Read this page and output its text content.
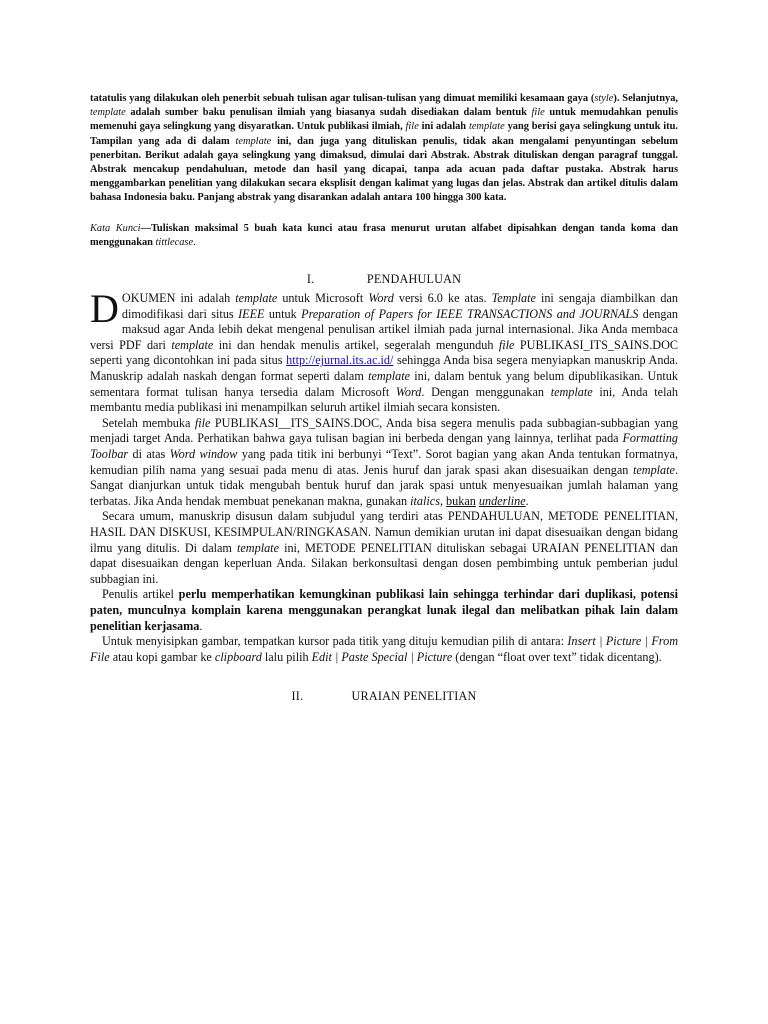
tatatulis yang dilakukan oleh penerbit sebuah tulisan agar tulisan-tulisan yang dimuat memiliki kesamaan gaya (style). Selanjutnya, template adalah sumber baku penulisan ilmiah yang biasanya sudah disediakan dalam bentuk file untuk memudahkan penulis memenuhi gaya selingkung yang disyaratkan. Untuk publikasi ilmiah, file ini adalah template yang berisi gaya selingkung untuk itu. Tampilan yang ada di dalam template ini, dan juga yang dituliskan penulis, tidak akan mengalami penyuntingan sebelum penerbitan. Berikut adalah gaya selingkung yang dimaksud, dimulai dari Abstrak. Abstrak dituliskan dengan paragraf tunggal. Abstrak mencakup pendahuluan, metode dan hasil yang dicapai, tanpa ada acuan pada daftar pustaka. Abstrak harus menggambarkan penelitian yang dilakukan secara eksplisit dengan kalimat yang lugas dan jelas. Abstrak dan artikel ditulis dalam bahasa Indonesia baku. Panjang abstrak yang disarankan adalah antara 100 hingga 300 kata.

Kata Kunci—Tuliskan maksimal 5 buah kata kunci atau frasa menurut urutan alfabet dipisahkan dengan tanda koma dan menggunakan tittlecase.

I.	PENDAHULUAN

DOKUMEN ini adalah template untuk Microsoft Word versi 6.0 ke atas. Template ini sengaja diambilkan dan dimodifikasi dari situs IEEE untuk Preparation of Papers for IEEE TRANSACTIONS and JOURNALS dengan maksud agar Anda lebih dekat mengenal penulisan artikel ilmiah pada jurnal internasional. Jika Anda membaca versi PDF dari template ini dan hendak menulis artikel, segeralah mengunduh file PUBLIKASI_ITS_SAINS.DOC seperti yang dicontohkan ini pada situs http://ejurnal.its.ac.id/ sehingga Anda bisa segera menyiapkan manuskrip Anda. Manuskrip adalah naskah dengan format seperti dalam template ini, dalam bentuk yang belum dipublikasikan. Untuk sementara format tulisan hanya tersedia dalam Microsoft Word. Dengan menggunakan template ini, Anda telah membantu media publikasi ini menampilkan seluruh artikel ilmiah secara konsisten.

Setelah membuka file PUBLIKASI__ITS_SAINS.DOC, Anda bisa segera menulis pada subbagian-subbagian yang menjadi target Anda. Perhatikan bahwa gaya tulisan bagian ini berbeda dengan yang lainnya, terlihat pada Formatting Toolbar di atas Word window yang pada titik ini berbunyi “Text”. Sorot bagian yang akan Anda tentukan formatnya, kemudian pilih nama yang sesuai pada menu di atas. Jenis huruf dan jarak spasi akan disesuaikan dengan template. Sangat dianjurkan untuk tidak mengubah bentuk huruf dan jarak spasi untuk menyesuaikan jumlah halaman yang terbatas. Jika Anda hendak membuat penekanan makna, gunakan italics, bukan underline.

Secara umum, manuskrip disusun dalam subjudul yang terdiri atas PENDAHULUAN, METODE PENELITIAN, HASIL DAN DISKUSI, KESIMPULAN/RINGKASAN. Namun demikian urutan ini dapat disesuaikan dengan bidang ilmu yang ditulis. Di dalam template ini, METODE PENELITIAN dituliskan sebagai URAIAN PENELITIAN dan dapat disesuaikan dengan keperluan Anda. Silakan berkonsultasi dengan dosen pembimbing untuk pemberian judul subbagian ini.

Penulis artikel perlu memperhatikan kemungkinan publikasi lain sehingga terhindar dari duplikasi, potensi paten, munculnya komplain karena menggunakan perangkat lunak ilegal dan melibatkan pihak lain dalam penelitian kerjasama.

Untuk menyisipkan gambar, tempatkan kursor pada titik yang dituju kemudian pilih di antara: Insert | Picture | From File atau kopi gambar ke clipboard lalu pilih Edit | Paste Special | Picture (dengan “float over text” tidak dicentang).

II.	URAIAN PENELITIAN
